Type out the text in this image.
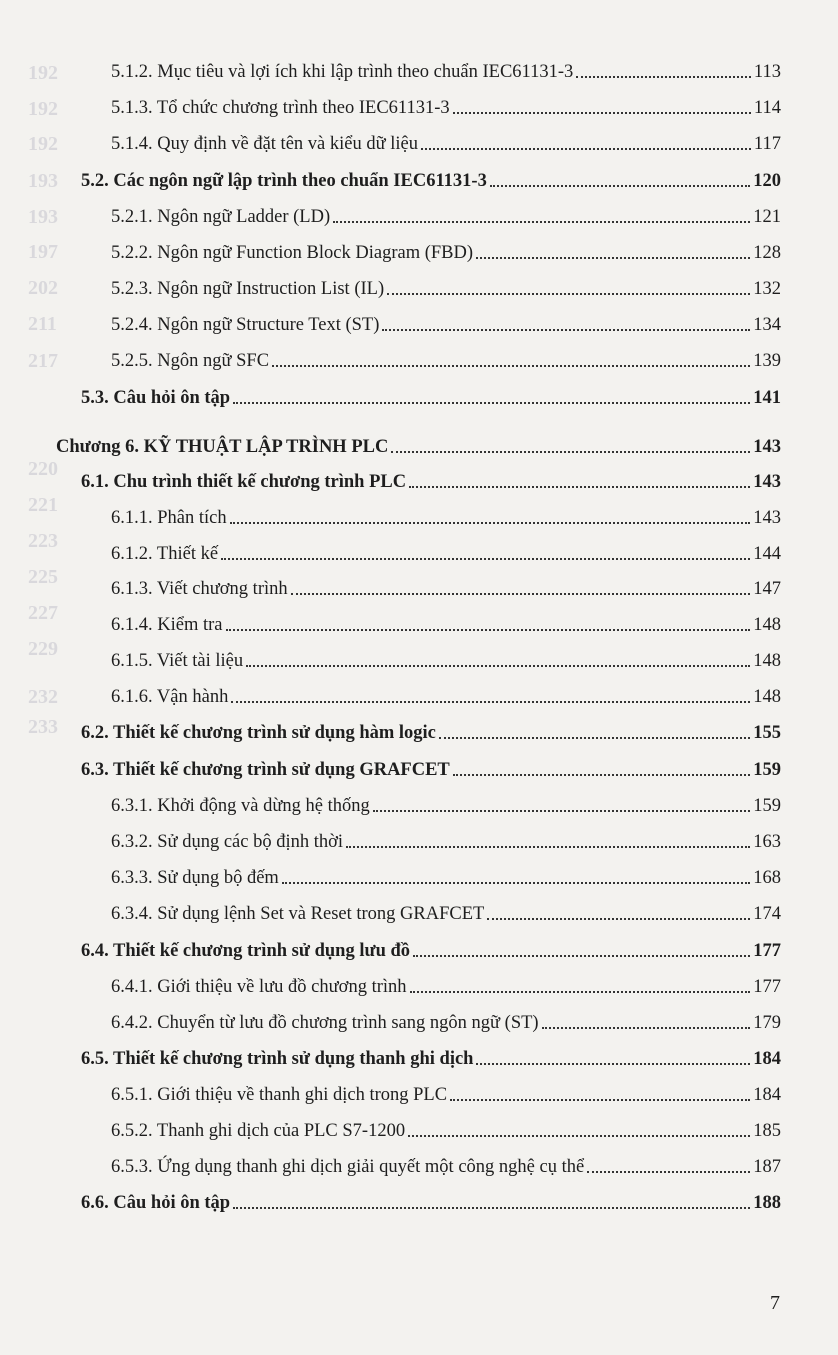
192
192
192
193
193
197
202
211
217
220
221
223
225
227
229
232
233
5.1.2. Mục tiêu và lợi ích khi lập trình theo chuẩn IEC61131-3	113
5.1.3. Tổ chức chương trình theo IEC61131-3	114
5.1.4. Quy định về đặt tên và kiểu dữ liệu	117
5.2. Các ngôn ngữ lập trình theo chuẩn IEC61131-3	120
5.2.1. Ngôn ngữ Ladder (LD)	121
5.2.2. Ngôn ngữ Function Block Diagram (FBD)	128
5.2.3. Ngôn ngữ Instruction List (IL)	132
5.2.4. Ngôn ngữ Structure Text (ST)	134
5.2.5. Ngôn ngữ SFC	139
5.3. Câu hỏi ôn tập	141
Chương 6. KỸ THUẬT LẬP TRÌNH PLC	143
6.1. Chu trình thiết kế chương trình PLC	143
6.1.1. Phân tích	143
6.1.2. Thiết kế	144
6.1.3. Viết chương trình	147
6.1.4. Kiểm tra	148
6.1.5. Viết tài liệu	148
6.1.6. Vận hành	148
6.2. Thiết kế chương trình sử dụng hàm logic	155
6.3. Thiết kế chương trình sử dụng GRAFCET	159
6.3.1. Khởi động và dừng hệ thống	159
6.3.2. Sử dụng các bộ định thời	163
6.3.3. Sử dụng bộ đếm	168
6.3.4. Sử dụng lệnh Set và Reset trong GRAFCET	174
6.4. Thiết kế chương trình sử dụng lưu đồ	177
6.4.1. Giới thiệu về lưu đồ chương trình	177
6.4.2. Chuyển từ lưu đồ chương trình sang ngôn ngữ (ST)	179
6.5. Thiết kế chương trình sử dụng thanh ghi dịch	184
6.5.1. Giới thiệu về thanh ghi dịch trong PLC	184
6.5.2. Thanh ghi dịch của PLC S7-1200	185
6.5.3. Ứng dụng thanh ghi dịch giải quyết một công nghệ cụ thể	187
6.6. Câu hỏi ôn tập	188
7
